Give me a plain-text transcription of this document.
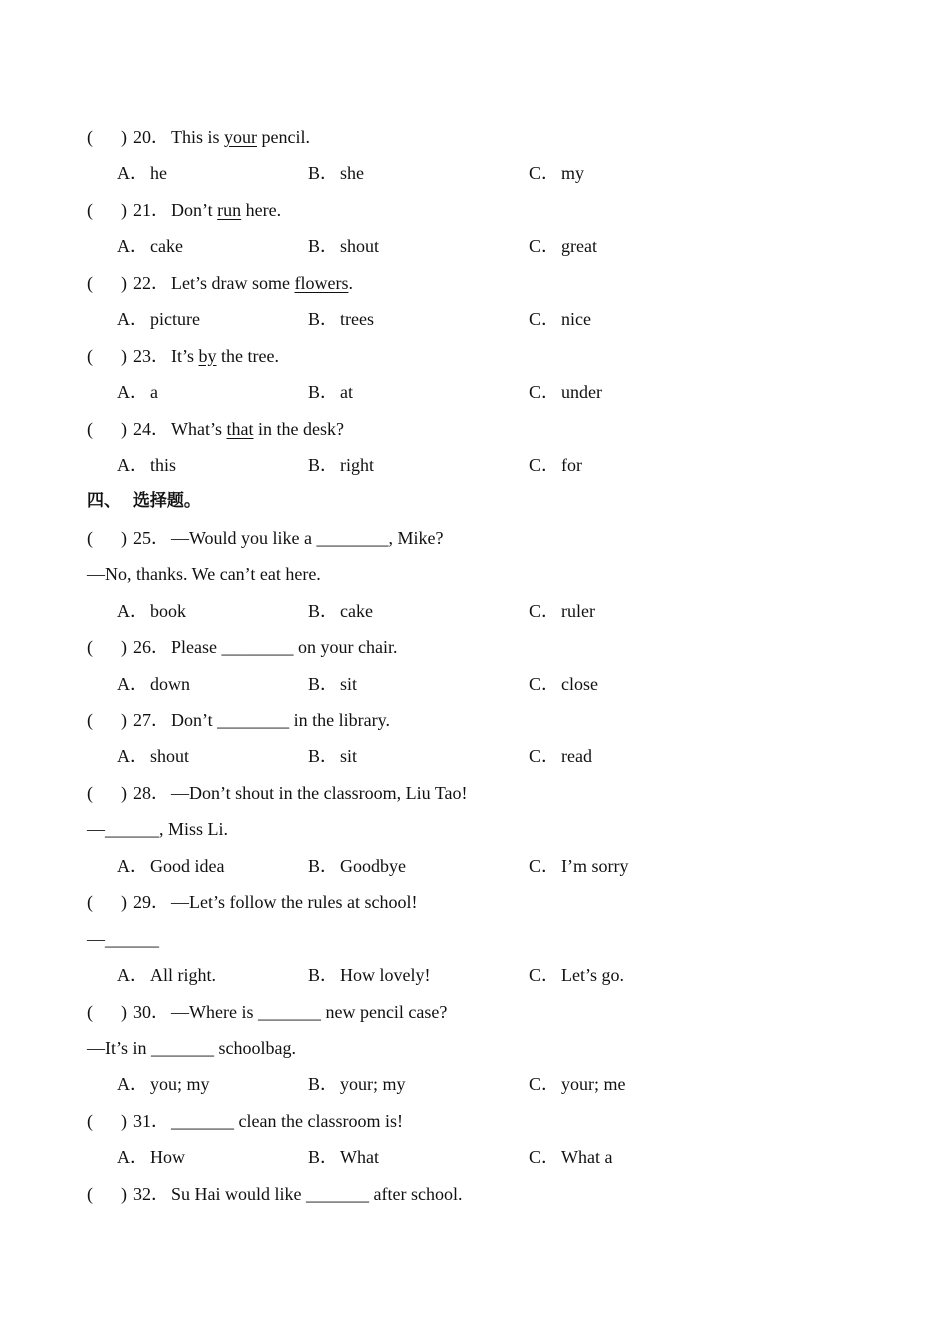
( ) 20． This is your pencil.
A． he	B． she	C． my
( ) 21． Don’t run here.
A． cake	B． shout	C． great
( ) 22． Let’s draw some flowers.
A． picture	B． trees	C． nice
( ) 23． It’s by the tree.
A． a	B． at	C． under
( ) 24． What’s that in the desk?
A． this	B． right	C． for
四、  选择题。
( ) 25． —Would you like a ________, Mike?
—No, thanks. We can’t eat here.
A． book	B． cake	C． ruler
( ) 26． Please ________ on your chair.
A． down	B． sit	C． close
( ) 27． Don’t ________ in the library.
A． shout	B． sit	C． read
( ) 28． —Don’t shout in the classroom, Liu Tao!
—______, Miss Li.
A． Good idea	B． Goodbye	C． I’m sorry
( ) 29． —Let’s follow the rules at school!
—______
A． All right.	B． How lovely!	C． Let’s go.
( ) 30． —Where is _______ new pencil case?
—It’s in _______ schoolbag.
A． you; my	B． your; my	C． your; me
( ) 31． _______ clean the classroom is!
A． How	B． What	C． What a
( ) 32． Su Hai would like _______ after school.
